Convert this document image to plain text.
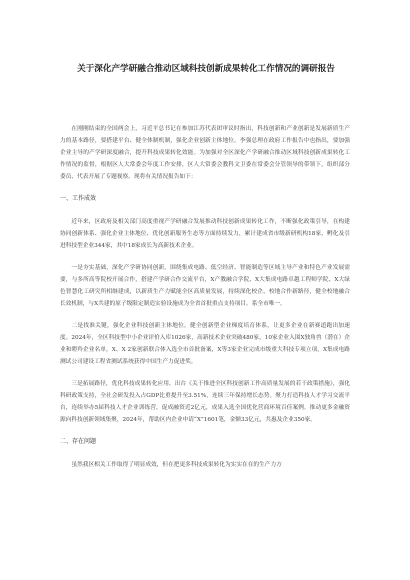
关于深化产学研融合推动区域科技创新成果转化工作情况的调研报告

在刚刚结束的全国两会上，习近平总书记在参加江苏代表团审议时指出，科技创新和产业创新是发展新质生产力的基本路径，要搭建平台、健全体制机制，强化企业创新主体地位。李强总理在政府工作报告中也指出，要加强企业主导的产学研深度融合，提升科技成果转化效能。为加强对全区深化产学研融合推动区域科技创新成果转化工作情况的监督，根据区人大常委会年度工作安排，区人大常委会教科文卫委在常委会分管领导的带领下，组织部分委员、代表开展了专题视察。现将有关情况报告如下：

一、工作成效

近年来，区政府及相关部门高度重视产学研融合发展推动科技创新成果转化工作，不断强化政策引导，在构建协同创新体系、强化企业主体地位、优化创新服务生态等方面持续发力，累计建成省市级新研机构18家，孵化及引进科技型企业344家，其中18家成长为高新技术企业。

一是夯实基础，深化产学研协同创新。围绕集成电路、低空经济、智能制造等区域主导产业和特色产业发展需要，与多所高等院校开展合作，搭建产学研合作交流平台，X产教融合学院、X大集成电路卓越工程师学院、X大绿色智慧化工研究所相继建成，以新质生产力赋能全区高质量发展，持续深化校企、校地合作新路径，健全校地融合长效机制，与X共建的原子级限定制造实验设施成为全省首批重点支持项目。系全市唯一。

二是找准关键，强化企业科技创新主体地位。健全创新型企业梯度培育体系，让更多企业在新赛道跑出加速度。2024年，全区科技型中小企业评价入库1026家，高新技术企业突破480家，10家企业入围X独角兽（潜在）企业和瞪羚企业名单，X、X 2家创新联合体入选全市首批备案，X等3家企业完成市级重大科技专项立项，X集成电路测试公司建设工程省测试系统获得中国生产力促进奖。

三是拓展路径，优化科技成果转化应用。出台《关于推进全区科技创新工作高质量发展的若干政策措施》，强化科研政策支持，全社会研发投入占GDP比重提升至3.51%，连续三年保持增长态势。聚力打造科技人才学习交流平台，连续举办5届科技人才企业训练营，促成融资近2亿元，成果入选全国优化营商环境百佳案例。推动更多金融资源向科技创新领域集聚，2024年，帮助区内企业申请“X”1601笔，金额33亿元，共惠及企业350家。

二、存在问题

虽然我区相关工作取得了明显成效，但在把更多科技成果转化为实实在在的生产力方
